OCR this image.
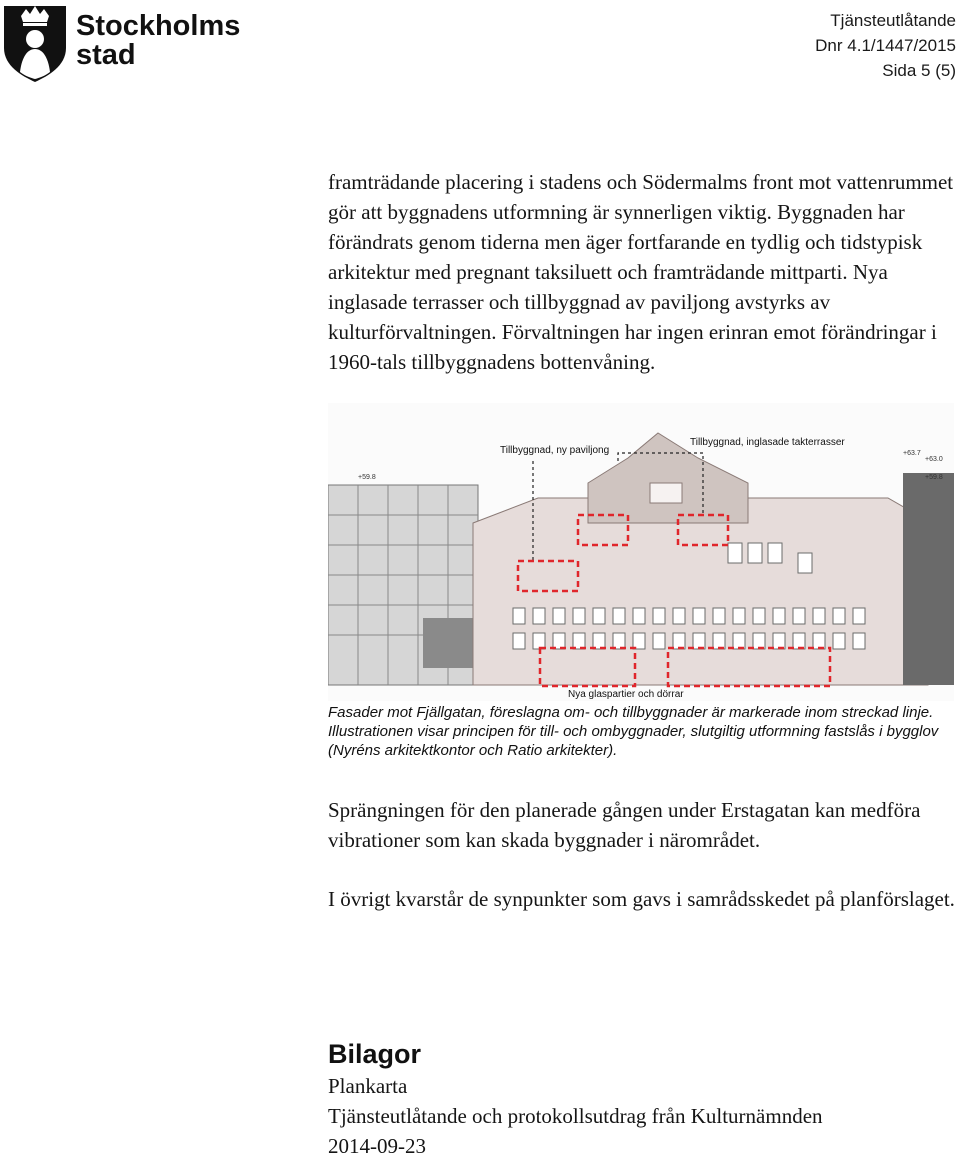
Stockholms
stad
Tjänsteutlåtande
Dnr 4.1/1447/2015
Sida 5 (5)

framträdande placering i stadens och Södermalms front mot vattenrummet gör att byggnadens utformning är synnerligen viktig. Byggnaden har förändrats genom tiderna men äger fortfarande en tydlig och tidstypisk arkitektur med pregnant taksiluett och framträdande mittparti. Nya inglasade terrasser och tillbyggnad av paviljong avstyrks av kulturförvaltningen. Förvaltningen har ingen erinran emot förändringar i 1960-tals tillbyggnadens bottenvåning.

Tillbyggnad, ny paviljong
Tillbyggnad, inglasade takterrasser
Nya glaspartier och dörrar
+59.8
+63.7
+63.0
+59.8
Fasader mot Fjällgatan, föreslagna om- och tillbyggnader är markerade inom streckad linje. Illustrationen visar principen för till- och ombyggnader, slutgiltig utformning fastslås i bygglov (Nyréns arkitektkontor och Ratio arkitekter).

Sprängningen för den planerade gången under Erstagatan kan medföra vibrationer som kan skada byggnader i närområdet.

I övrigt kvarstår de synpunkter som gavs i samrådsskedet på planförslaget.

Bilagor
Plankarta
Tjänsteutlåtande och protokollsutdrag från Kulturnämnden
2014-09-23
